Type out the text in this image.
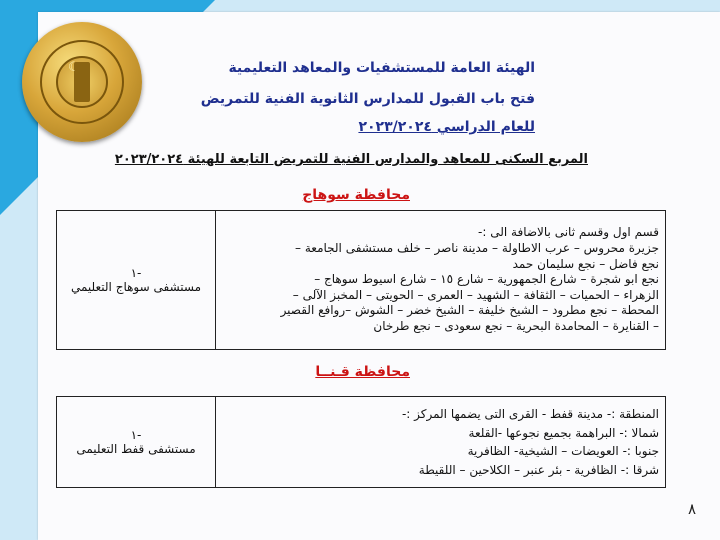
☾	الهيئة العامة للمستشفيات والمعاهد التعليمية
فتح باب القبول للمدارس الثانوية الفنية للتمريض
للعام الدراسي ٢٠٢٣/٢٠٢٤
المربع السكنى للمعاهد والمدارس الفنية للتمريض التابعة للهيئة ٢٠٢٣/٢٠٢٤
محافظة سوهاج
قسم اول وقسم ثانى بالاضافة الى :-
جزيرة محروس – عرب الاطاولة – مدينة ناصر – خلف مستشفى الجامعة –
نجع فاضل – نجع سليمان حمد
نجع ابو شجرة – شارع الجمهورية – شارع ١٥ – شارع اسيوط سوهاج –
الزهراء – الحميات – الثقافة – الشهيد – العمرى – الحويتى – المخبز الآلى –
المحطة – نجع مطرود – الشيخ خليفة – الشيخ خضر – الشوش –روافع القصير
– القنايرة – المحامدة البحرية – نجع سعودى – نجع طرخان

-١
مستشفى سوهاج التعليمي
محافظة قـنــا
المنطقة :- مدينة قفط - القرى التى يضمها المركز :-
شمالا :- البراهمة بجميع نجوعها -القلعة
جنوبا :- العويضات – الشيخية- الظافرية
شرقا :- الظافرية - بئر عنبر – الكلاحين – اللقيطة

-١
مستشفى قفط التعليمى
٨
